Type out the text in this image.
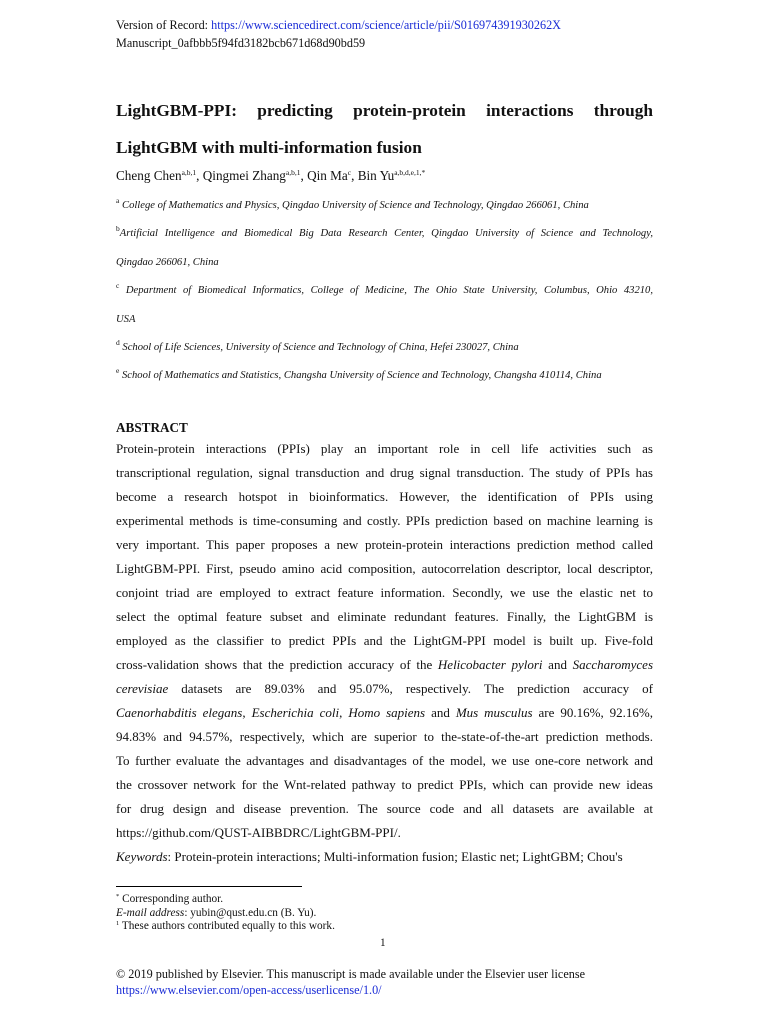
Version of Record: https://www.sciencedirect.com/science/article/pii/S016974391930262X
Manuscript_0afbbb5f94fd3182bcb671d68d90bd59
LightGBM-PPI: predicting protein-protein interactions through
LightGBM with multi-information fusion
Cheng Chen$^{a,b,1}$, Qingmei Zhang$^{a,b,1}$, Qin Ma$^c$, Bin $Yu^{a,b,d,e,1,*}$
$^a$ College of Mathematics and Physics, Qingdao University of Science and Technology, Qingdao 266061, China
$^b$Artificial Intelligence and Biomedical Big Data Research Center, Qingdao University of Science and Technology,
Qingdao 266061, China
$^c$ Department of Biomedical Informatics, College of Medicine, The Ohio State University, Columbus, Ohio 43210,
USA
$^d$ School of Life Sciences, University of Science and Technology of China, Hefei 230027, China
$^e$ School of Mathematics and Statistics, Changsha University of Science and Technology, Changsha 410114, China
ABSTRACT
Protein-protein interactions (PPIs) play an important role in cell life activities such as
transcriptional regulation, signal transduction and drug signal transduction. The study of PPIs has
become a research hotspot in bioinformatics. However, the identification of PPIs using
experimental methods is time-consuming and costly. PPIs prediction based on machine learning is
very important. This paper proposes a new protein-protein interactions prediction method called
LightGBM-PPI. First, pseudo amino acid composition, autocorrelation descriptor, local descriptor,
conjoint triad are employed to extract feature information. Secondly, we use the elastic net to
select the optimal feature subset and eliminate redundant features. Finally, the LightGBM is
employed as the classifier to predict PPIs and the LightGM-PPI model is built up. Five-fold
cross-validation shows that the prediction accuracy of the Helicobacter pylori and Saccharomyces
cerevisiae datasets are 89.03% and 95.07%, respectively. The prediction accuracy of
Caenorhabditis elegans, Escherichia coli, Homo sapiens and Mus musculus are 90.16%, 92.16%,
94.83% and 94.57%, respectively, which are superior to the-state-of-the-art prediction methods.
To further evaluate the advantages and disadvantages of the model, we use one-core network and
the crossover network for the Wnt-related pathway to predict PPIs, which can provide new ideas
for drug design and disease prevention. The source code and all datasets are available at
https://github.com/QUST-AIBBDRC/LightGBM-PPI/.
Keywords: Protein-protein interactions; Multi-information fusion; Elastic net; LightGBM; Chou's
* Corresponding author.
E-mail address: yubin@qust.edu.cn (B. Yu).
$^1$ These authors contributed equally to this work.
1
© 2019 published by Elsevier. This manuscript is made available under the Elsevier user license
https://www.elsevier.com/open-access/userlicense/1.0/
